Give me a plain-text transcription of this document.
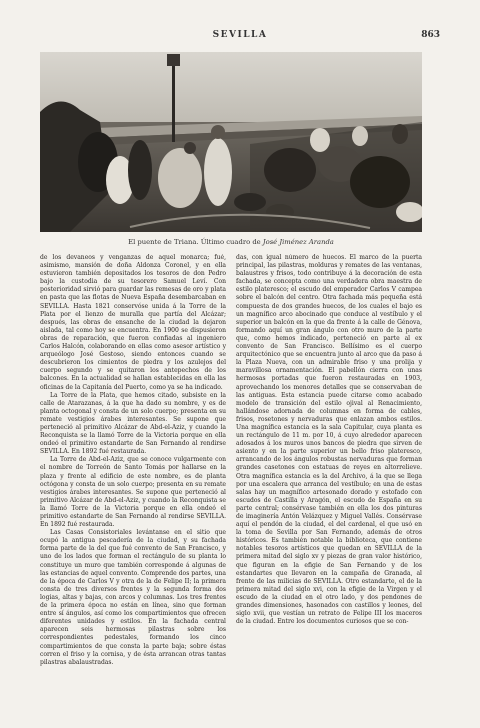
SEVILLA	863
El puente de Triana. Último cuadro de José Jiménez Aranda

de los devaneos y venganzas de aquel monarca; fué, asimismo, mansión de doña Aldonza Coronel, y en ella estuvieron también depositados los tesoros de don Pedro bajo la custodia de su tesorero Samuel Leví. Con posterioridad sirvió para guardar las remesas de oro y plata en pasta que las flotas de Nueva España desembarcaban en SEVILLA. Hasta 1821 conservóse unida á la Torre de la Plata por el lienzo de muralla que partía del Alcázar; después, las obras de ensanche de la ciudad la dejaron aislada, tal como hoy se encuentra. En 1900 se dispusieron obras de reparación, que fueron confiadas al ingeniero Carlos Halcón, colaborando en ellas como asesor artístico y arqueólogo José Gestoso, siendo entonces cuando se descubrieron los cimientos de piedra y los azulejos del cuerpo segundo y se quitaron los antepechos de los balcones. En la actualidad se hallan establecidas en ella las oficinas de la Capitanía del Puerto, como ya se ha indicado.

La Torre de la Plata, que hemos citado, subsiste en la calle de Atarazanas, á la que ha dado su nombre, y es de planta octogonal y consta de un solo cuerpo; presenta en su remate vestigios árabes interesantes. Se supone que perteneció al primitivo Alcázar de Abd-el-Aziz, y cuando la Reconquista se la llamó Torre de la Victoria porque en ella ondeó el primitivo estandarte de San Fernando al rendirse SEVILLA. En 1892 fué restaurada.

La Torre de Abd-el-Aziz, que se conoce vulgarmente con el nombre de Torreón de Santo Tomás por hallarse en la plaza y frente al edificio de este nombre, es de planta octógona y consta de un solo cuerpo; presenta en su remate vestigios árabes interesantes. Se supone que perteneció al primitivo Alcázar de Abd-el-Aziz, y cuando la Reconquista se la llamó Torre de la Victoria porque en ella ondeó el primitivo estandarte de San Fernando al rendirse SEVILLA. En 1892 fué restaurada.

Las Casas Consistoriales levántanse en el sitio que ocupó la antigua pescadería de la ciudad, y su fachada forma parte de la del que fué convento de San Francisco, y uno de los lados que forman el rectángulo de su planta lo constituye un muro que también corresponde á algunas de las estancias de aquel convento. Comprende dos partes, una de la época de Carlos V y otra de la de Felipe II; la primera consta de tres diversos frentes y la segunda forma dos logias, altas y bajas, con arcos y columnas. Los tres frentes de la primera época no están en línea, sino que forman entre sí ángulos, así como los compartimientos que ofrecen diferentes unidades y estilos. En la fachada central aparecen seis hermosas pilastras sobre los correspondientes pedestales, formando los cinco compartimientos de que consta la parte baja; sobre éstas corren el friso y la cornisa, y de ésta arrancan otras tantas pilastras abalaustradas.

das, con igual número de huecos. El marco de la puerta principal, las pilastras, molduras y remates de las ventanas, balaustres y frisos, todo contribuye á la decoración de esta fachada, se concepta como una verdadera obra maestra de estilo plateresco; el escudo del emperador Carlos V campea sobre el balcón del centro. Otra fachada más pequeña está compuesta de dos grandes huecos, de los cuales el bajo es un magnífico arco abocinado que conduce al vestíbulo y el superior un balcón en la que da frente á la calle de Génova, formando aquí un gran ángulo con otro muro de la parte que, como hemos indicado, perteneció en parte al ex convento de San Francisco. Bellísimo es el cuerpo arquitectónico que se encuentra junto al arco que da paso á la Plaza Nueva, con un admirable friso y una prolija y maravillosa ornamentación. El pabellón cierra con unas hermosas portadas que fueron restauradas en 1903, aprovechando los menores detalles que se conservaban de las antiguas. Esta estancia puede citarse como acabado modelo de transición del estilo ojival al Renacimiento, hallándose adornada de columnas en forma de cables, frisos, rosetones y nervaduras que enlazan ambos estilos. Una magnífica estancia es la sala Capitular, cuya planta es un rectángulo de 11 m. por 10, á cuyo alrededor aparecen adosados á los muros unos bancos de piedra que sirven de asiento y en la parte superior un bello friso plateresco, arrancando de los ángulos robustas nervaduras que forman grandes casetones con estatuas de reyes en altorrelieve. Otra magnífica estancia es la del Archivo, á la que se llega por una escalera que arranca del vestíbulo; en una de estas salas hay un magnífico artesonado dorado y estofado con escudos de Castilla y Aragón, el escudo de España en su parte central; consérvase también en ella los dos pinturas de imaginería Antón Velázquez y Miguel Vallés. Consérvase aquí el pendón de la ciudad, el del cardenal, el que usó en la toma de Sevilla por San Fernando, además de otros históricos. Es también notable la biblioteca, que contiene notables tesoros artísticos que quedan en SEVILLA de la primera mitad del siglo xv y piezas de gran valor histórico, que figuran en la efigie de San Fernando y de los estandartes que llevaron en la campaña de Granada, al frente de las milicias de SEVILLA. Otro estandarte, el de la primera mitad del siglo xvi, con la efigie de la Virgen y el escudo de la ciudad en el otro lado, y dos pendones de grandes dimensiones, hasonados con castillos y leones, del siglo xvii, que vestían un retrato de Felipe III los maceros de la ciudad. Entre los documentos curiosos que se con-
